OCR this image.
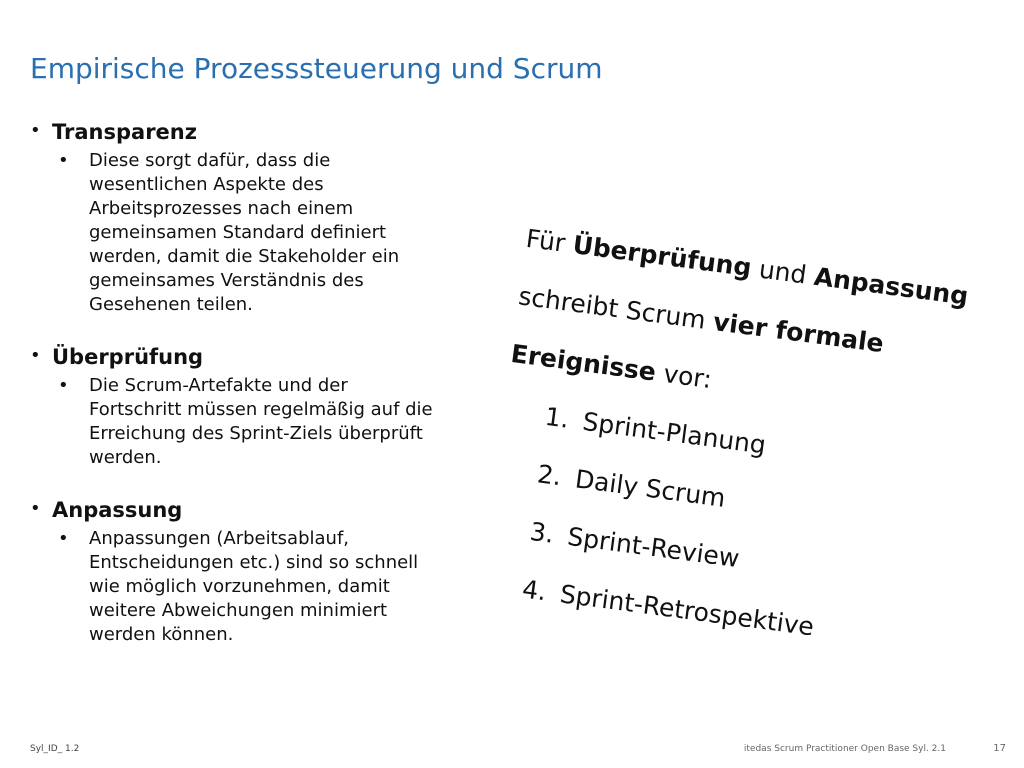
Empirische Prozesssteuerung und Scrum
• Transparenz
• Diese sorgt dafür, dass die
wesentlichen Aspekte des
Arbeitsprozesses nach einem
gemeinsamen Standard definiert
werden, damit die Stakeholder ein
gemeinsames Verständnis des
Gesehenen teilen.
• Überprüfung
• Die Scrum-Artefakte und der
Fortschritt müssen regelmäßig auf die
Erreichung des Sprint-Ziels überprüft
werden.
• Anpassung
• Anpassungen (Arbeitsablauf,
Entscheidungen etc.) sind so schnell
wie möglich vorzunehmen, damit
weitere Abweichungen minimiert
werden können.
Für Überprüfung und Anpassung
schreibt Scrum vier formale
Ereignisse vor:
1. Sprint-Planung
2. Daily Scrum
3. Sprint-Review
4. Sprint-Retrospektive
Syl_ID_ 1.2	itedas Scrum Practitioner Open Base Syl. 2.1	17
